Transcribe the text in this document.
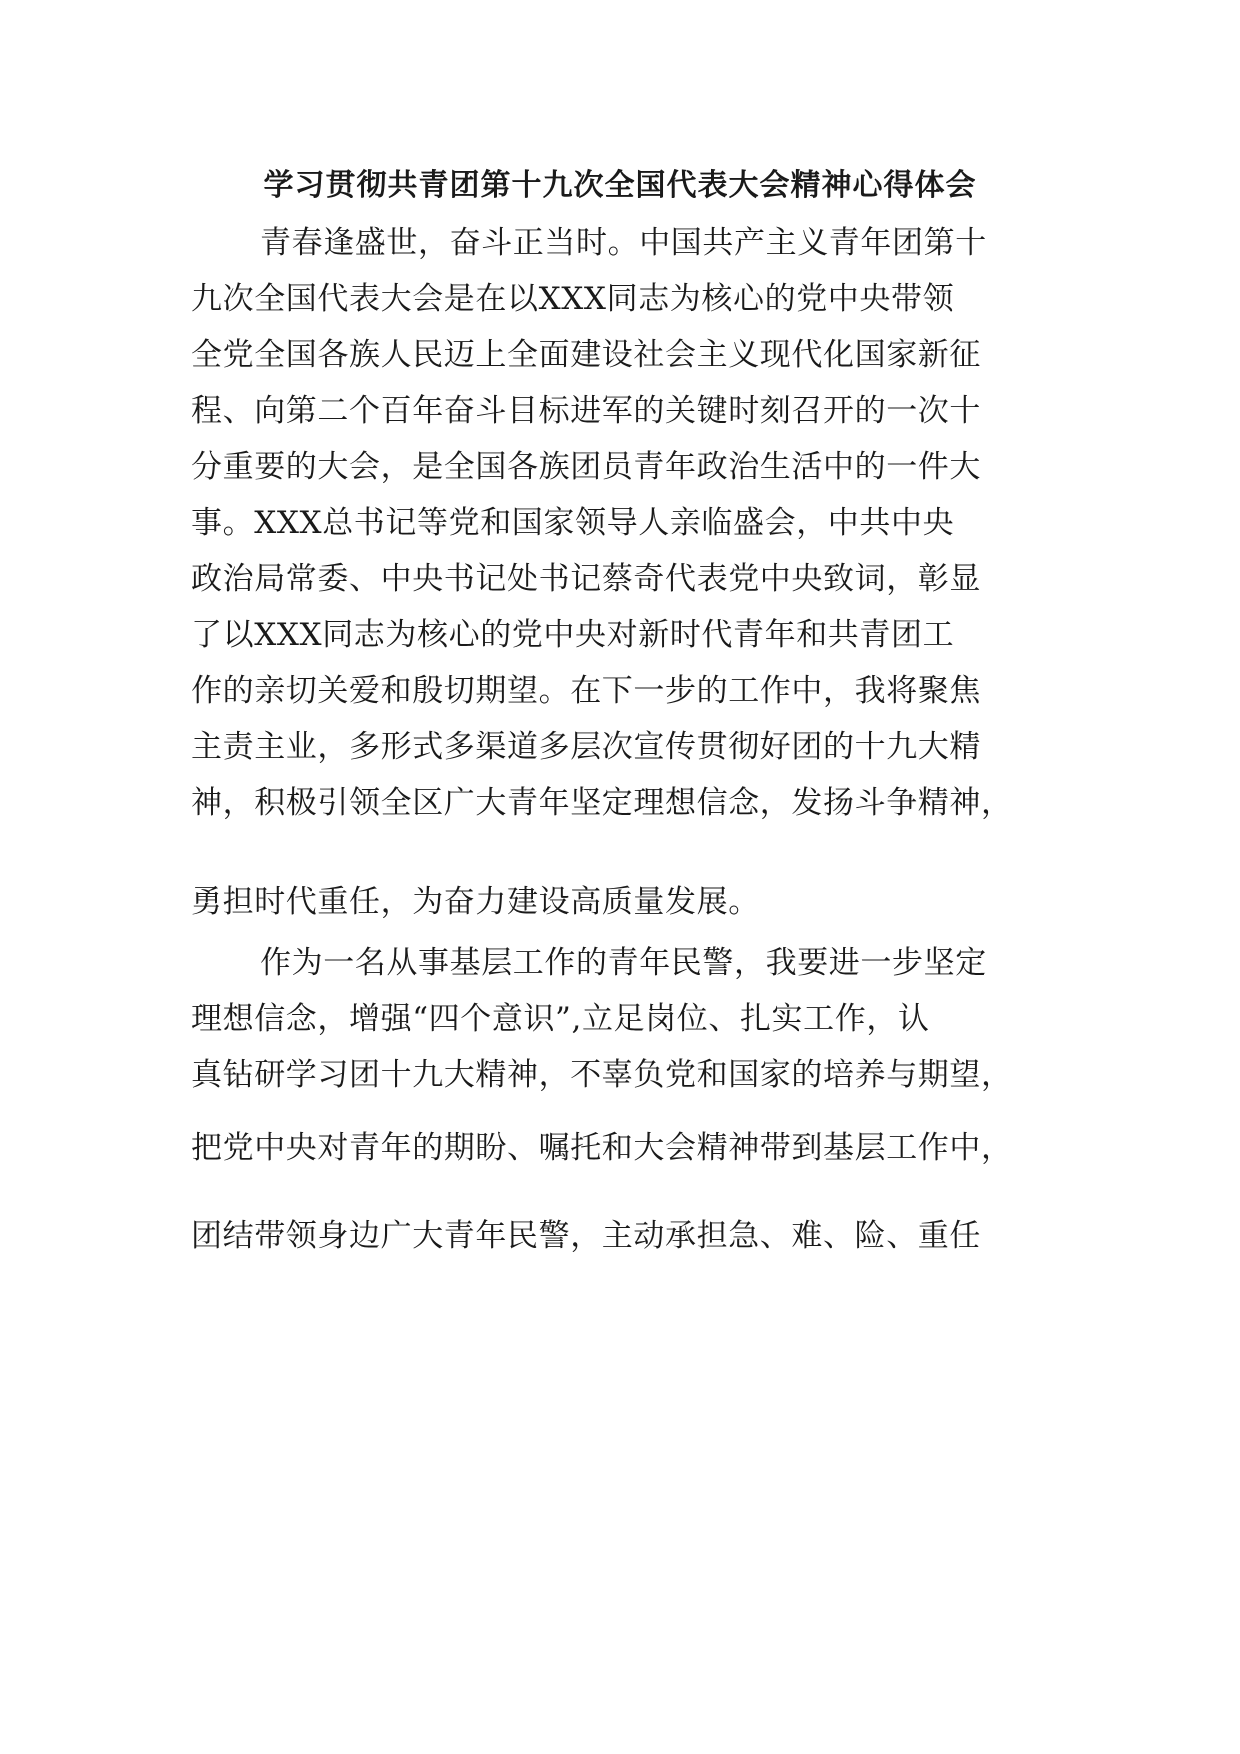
学习贯彻共青团第十九次全国代表大会精神心得体会
青春逢盛世，奋斗正当时。中国共产主义青年团第十
九次全国代表大会是在以XXX同志为核心的党中央带领
全党全国各族人民迈上全面建设社会主义现代化国家新征
程、向第二个百年奋斗目标进军的关键时刻召开的一次十
分重要的大会，是全国各族团员青年政治生活中的一件大
事。XXX总书记等党和国家领导人亲临盛会，中共中央
政治局常委、中央书记处书记蔡奇代表党中央致词，彰显
了以XXX同志为核心的党中央对新时代青年和共青团工
作的亲切关爱和殷切期望。在下一步的工作中，我将聚焦
主责主业，多形式多渠道多层次宣传贯彻好团的十九大精
神，积极引领全区广大青年坚定理想信念，发扬斗争精神，
勇担时代重任，为奋力建设高质量发展。
作为一名从事基层工作的青年民警，我要进一步坚定
理想信念，增强“四个意识”,立足岗位、扎实工作，认
真钻研学习团十九大精神，不辜负党和国家的培养与期望，
把党中央对青年的期盼、嘱托和大会精神带到基层工作中，
团结带领身边广大青年民警，主动承担急、难、险、重任
